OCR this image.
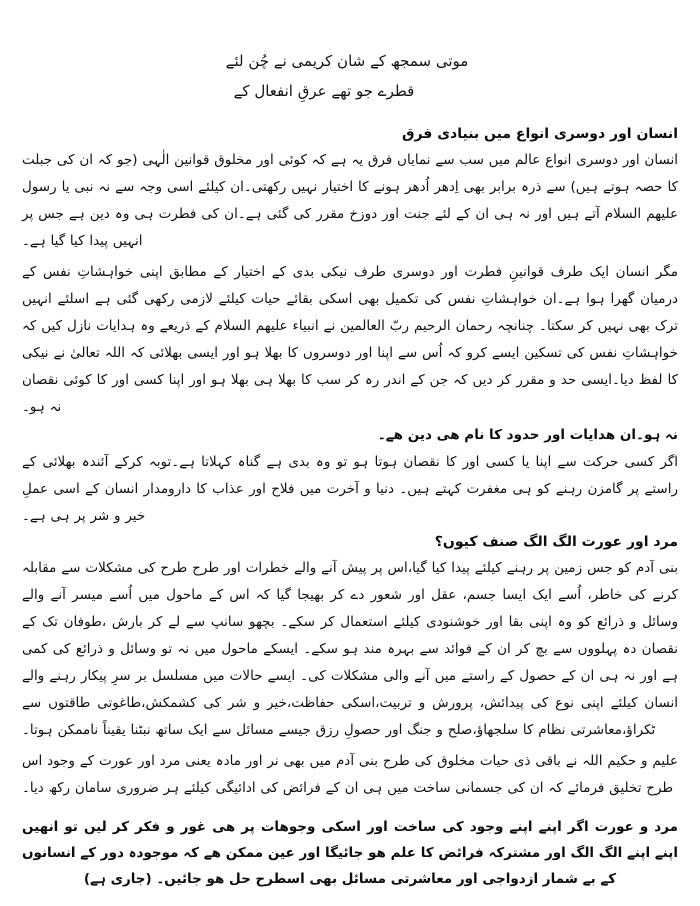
موتی سمجھ کے شان کریمی نے چُن لئے
قطرے جو تھے عرقِ انفعال کے
انسان اور دوسری انواع میں بنیادی فرق
انسان اور دوسری انواع عالم میں سب سے نمایاں فرق یہ ہے کہ کوئی اور مخلوق قوانین الٰہی (جو کہ ان کی جبلت کا حصہ ہوتے ہیں) سے ذرہ برابر بھی اِدھر اُدھر ہونے کا اختیار نہیں رکھتی۔ان کیلئے اسی وجہ سے نہ نبی یا رسول علیھم السلام آتے ہیں اور نہ ہی ان کے لئے جنت اور دوزخ مقرر کی گئی ہے۔ان کی فطرت ہی وہ دین ہے جس پر انہیں پیدا کیا گیا ہے۔
مگر انسان ایک طرف قوانینِ فطرت اور دوسری طرف نیکی بدی کے اختیار کے مطابق اپنی خواہشاتِ نفس کے درمیان گھرا ہوا ہے۔ان خواہشاتِ نفس کی تکمیل بھی اسکی بقائے حیات کیلئے لازمی رکھی گئی ہے اسلئے انہیں ترک بھی نہیں کر سکتا۔ چنانچہ رحمان الرحیم ربّ العالمین نے انبیاء علیھم السلام کے ذریعے وہ ہدایات نازل کیں کہ خواہشاتِ نفس کی تسکین ایسے کرو کہ اُس سے اپنا اور دوسروں کا بھلا ہو اور ایسی بھلائی کہ اللہ تعالیٰ نے نیکی کا لفظ دیا۔ایسی حد و مقرر کر دیں کہ جن کے اندر رہ کر سب کا بھلا ہی بھلا ہو اور اپنا کسی اور کا کوئی نقصان نہ ہو۔
نہ ہو۔ان ھدایات اور حدود کا نام ھی دین ھے۔
اگر کسی حرکت سے اپنا یا کسی اور کا نقصان ہوتا ہو تو وہ بدی ہے گناہ کہلاتا ہے۔توبہ کرکے آئندہ بھلائی کے راستے پر گامزن رہنے کو ہی مغفرت کہتے ہیں۔ دنیا و آخرت میں فلاح اور عذاب کا دارومدار انسان کے اسی عملِ خیر و شر پر ہی ہے۔
مرد اور عورت الگ الگ صنف کیوں؟
بنی آدم کو جس زمین پر رہنے کیلئے پیدا کیا گیا،اس پر پیش آنے والے خطرات اور طرح طرح کی مشکلات سے مقابلہ کرنے کی خاطر، اُسے ایک ایسا جسم، عقل اور شعور دے کر بھیجا گیا کہ اس کے ماحول میں اُسے میسر آنے والے وسائل و ذرائع کو وہ اپنی بقا اور خوشنودی کیلئے استعمال کر سکے۔ بچھو سانپ سے لے کر بارش ،طوفان تک کے نقصان دہ پہلووں سے بچ کر ان کے فوائد سے بہرہ مند ہو سکے۔ ایسکے ماحول میں نہ تو وسائل و ذرائع کی کمی ہے اور نہ ہی ان کے حصول کے راستے میں آنے والی مشکلات کی۔ ایسے حالات میں مسلسل بر سرِ پیکار رہنے والے انسان کیلئے اپنی نوع کی پیدائش، پرورش و تربیت،اسکی حفاظت،خیر و شر کی کشمکش،طاغوتی طاقتوں سے ٹکراؤ،معاشرتی نظام کا سلجھاؤ،صلح و جنگ اور حصولِ رزق جیسے مسائل سے ایک ساتھ نبٹنا یقیناً ناممکن ہوتا۔
علیم و حکیم اللہ نے باقی ذی حیات مخلوق کی طرح بنی آدم میں بھی نر اور مادہ یعنی مرد اور عورت کے وجود اس طرح تخلیق فرمائے کہ ان کی جسمانی ساخت میں ہی ان کے فرائض کی ادائیگی کیلئے ہر ضروری سامان رکھ دیا۔
مرد و عورت اگر اپنے اپنے وجود کی ساخت اور اسکی وجوھات پر ھی غور و فکر کر لیں تو انھیں اپنے اپنے الگ الگ اور مشترکہ فرائض کا علم ھو جائیگا اور عین ممکن ھے کہ موجودہ دور کے انسانوں کے بے شمار ازدواجی اور معاشرتی مسائل بھی اسطرح حل ھو جائیں۔ (جاری ہے)
